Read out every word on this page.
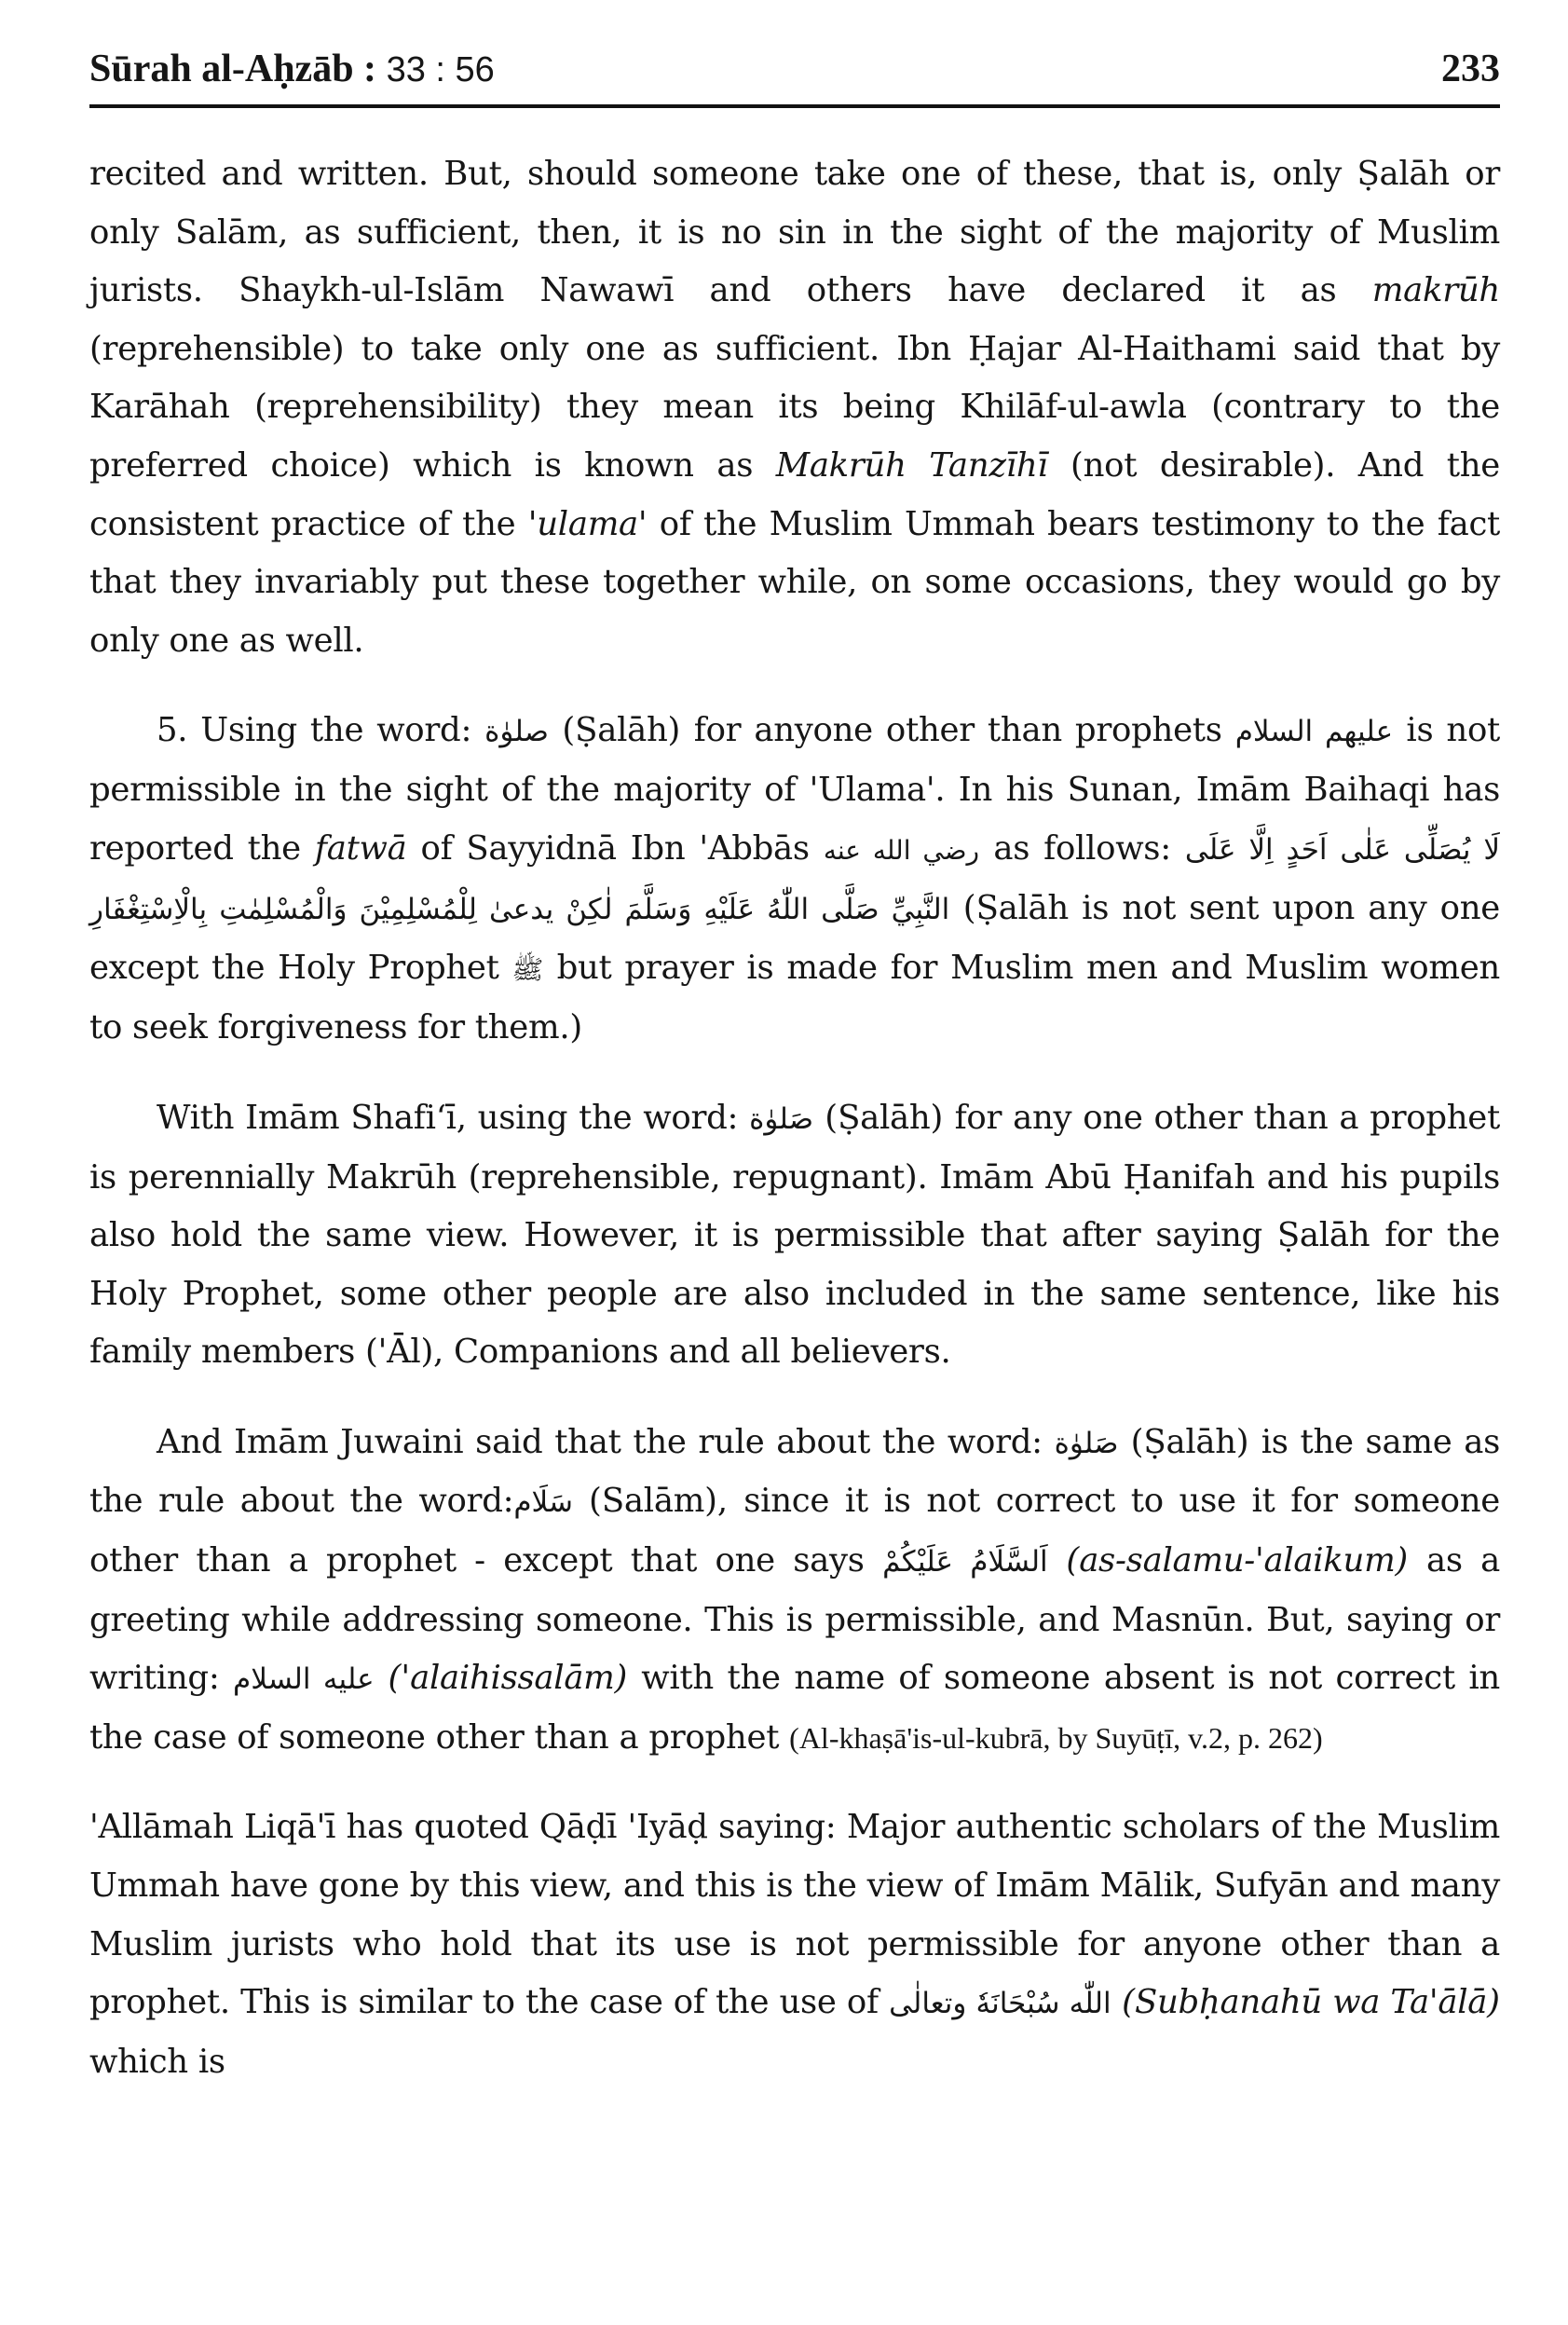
Sūrah al-Aḥzāb : 33 : 56	233

recited and written. But, should someone take one of these, that is, only Ṣalāh or only Salām, as sufficient, then, it is no sin in the sight of the majority of Muslim jurists. Shaykh-ul-Islām Nawawī and others have declared it as makrūh (reprehensible) to take only one as sufficient. Ibn Ḥajar Al-Haithami said that by Karāhah (reprehensibility) they mean its being Khilāf-ul-awla (contrary to the preferred choice) which is known as Makrūh Tanzīhī (not desirable). And the consistent practice of the 'ulama' of the Muslim Ummah bears testimony to the fact that they invariably put these together while, on some occasions, they would go by only one as well.

5. Using the word: صلوٰة (Ṣalāh) for anyone other than prophets عليهم السلام is not permissible in the sight of the majority of 'Ulama'. In his Sunan, Imām Baihaqi has reported the fatwā of Sayyidnā Ibn 'Abbās رضي الله عنه as follows: لَا يُصَلِّى عَلٰى اَحَدٍ اِلَّا عَلَى النَّبِيِّ صَلَّى اللّٰهُ عَلَيْهِ وَسَلَّمَ لٰكِنْ يدعىٰ لِلْمُسْلِمِيْنَ وَالْمُسْلِمٰتِ بِالْاِسْتِغْفَارِ (Ṣalāh is not sent upon any one except the Holy Prophet ﷺ but prayer is made for Muslim men and Muslim women to seek forgiveness for them.)

With Imām Shafiʻī, using the word: صَلوٰة (Ṣalāh) for any one other than a prophet is perennially Makrūh (reprehensible, repugnant). Imām Abū Ḥanifah and his pupils also hold the same view. However, it is permissible that after saying Ṣalāh for the Holy Prophet, some other people are also included in the same sentence, like his family members ('Āl), Companions and all believers.

And Imām Juwaini said that the rule about the word: صَلوٰة (Ṣalāh) is the same as the rule about the word:سَلَام (Salām), since it is not correct to use it for someone other than a prophet - except that one says اَلسَّلَامُ عَلَيْكُمْ (as-salamu-'alaikum) as a greeting while addressing someone. This is permissible, and Masnūn. But, saying or writing: عليه السلام ('alaihissalām) with the name of someone absent is not correct in the case of someone other than a prophet (Al-khaṣā'is-ul-kubrā, by Suyūṭī, v.2, p. 262)

'Allāmah Liqā'ī has quoted Qāḍī 'Iyāḍ saying: Major authentic scholars of the Muslim Ummah have gone by this view, and this is the view of Imām Mālik, Sufyān and many Muslim jurists who hold that its use is not permissible for anyone other than a prophet. This is similar to the case of the use of اللّٰه سُبْحَانَهٗ وتعالٰى (Subḥanahū wa Ta'ālā) which is
